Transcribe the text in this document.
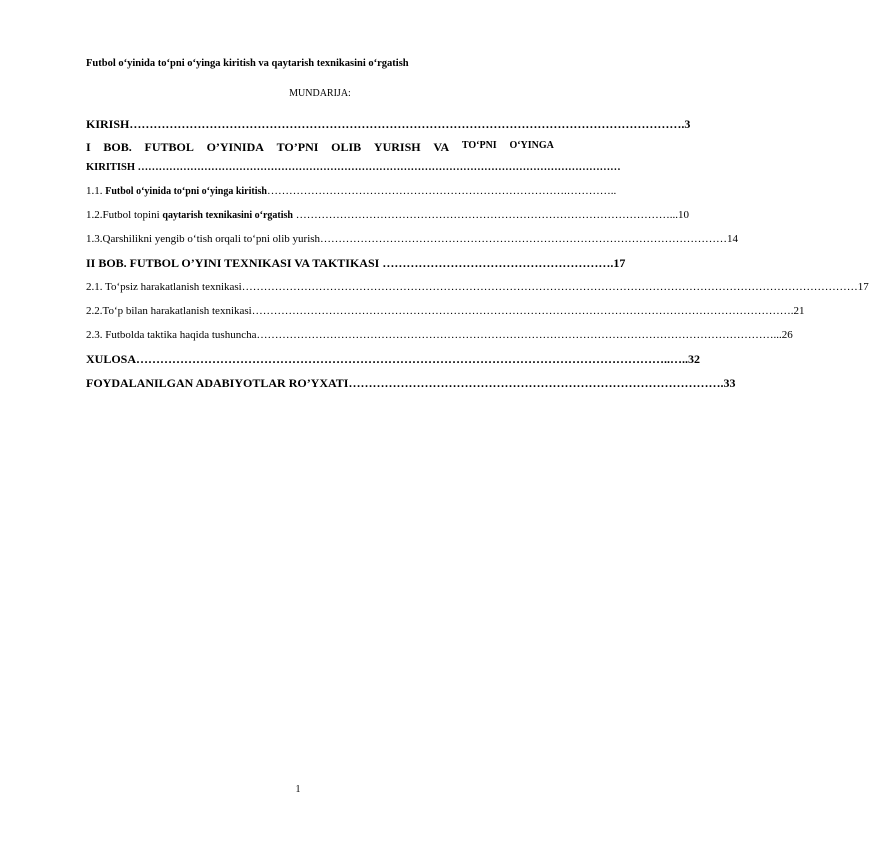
Futbol o‘yinida to‘pni o‘yinga kiritish va qaytarish texnikasini o‘rgatish
MUNDARIJA:
KIRISH………………………………………………………………………………………………………………………….3
I BOB. FUTBOL O’YINIDA TO’PNI OLIB YURISH VA TO‘PNI O‘YINGA
KIRITISH …………………………………………………………………………………………………………………………
1.1. Futbol o‘yinida to‘pni o‘yinga kiritish……………………………………………………………………….…………..
1.2.Futbol topini qaytarish texnikasini o‘rgatish …………………………………………………………………………………………...10
1.3.Qarshilikni yengib o‘tish orqali to‘pni olib yurish…………………………………………………………………………………………………14
II BOB. FUTBOL O’YINI TEXNIKASI VA TAKTIKASI ………………………………………………….17
2.1. To‘psiz harakatlanish texnikasi……………………………………………………………………………………………………………………………………………………17
2.2.To‘p bilan harakatlanish texnikasi………………………………………………………………………………………………………………………………….21
2.3. Futbolda taktika haqida tushuncha……………………………………………………………………………………………………………………………...26
XULOSA……………………………………………………………………………………………………………………..…..32
FOYDALANILGAN ADABIYOTLAR RO’YXATI………………………………………………………………………………….33
1
